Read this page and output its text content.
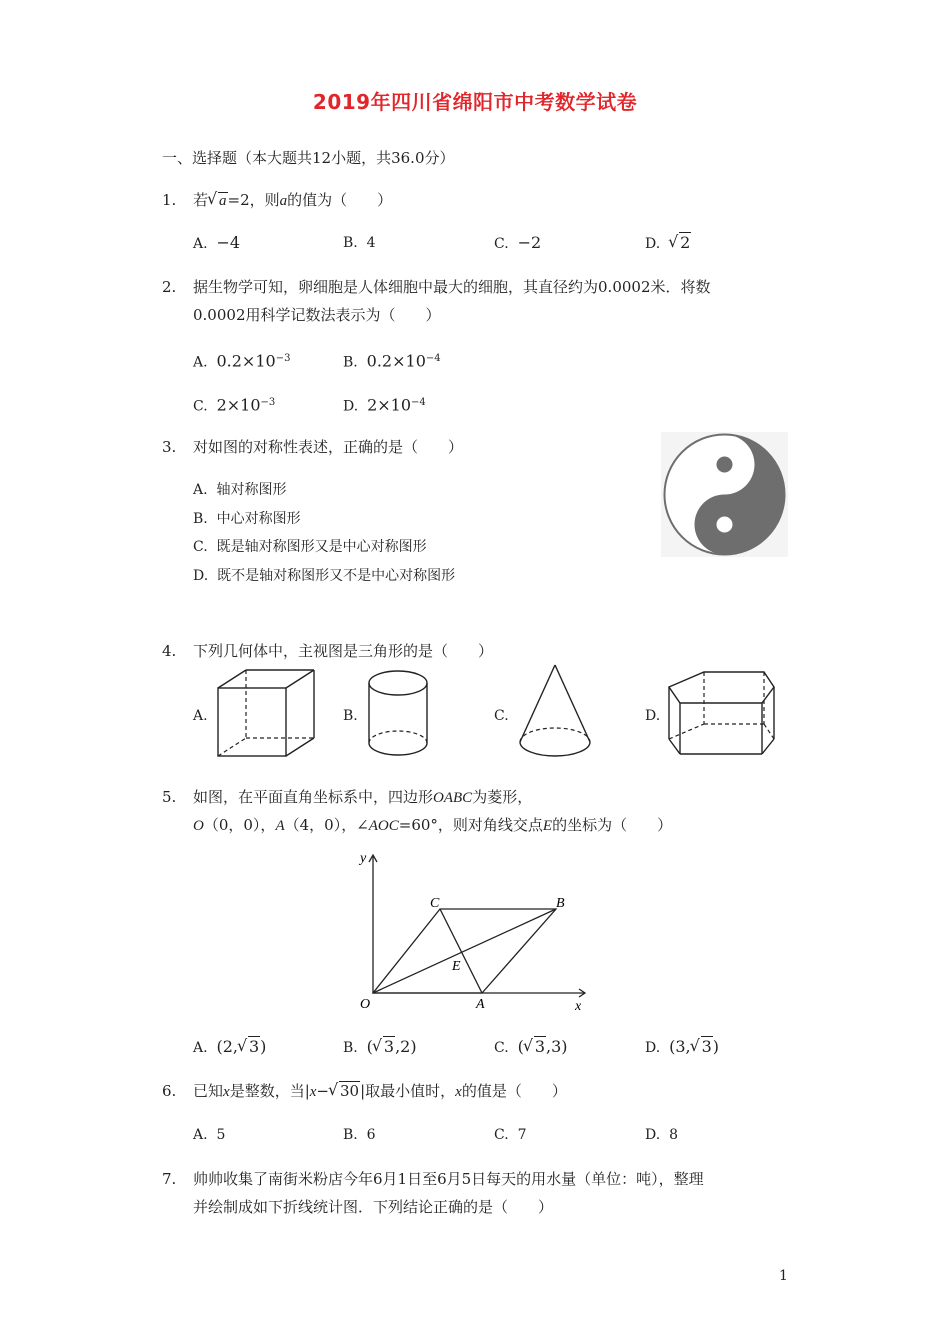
2019年四川省绵阳市中考数学试卷
一、选择题（本大题共12小题，共36.0分）
1. 若 √ a=2，则a的值为（　　）
A. −4	B. 4	C. −2	D. √ 2
2. 据生物学可知，卵细胞是人体细胞中最大的细胞，其直径约为0.0002米．将数
0.0002用科学记数法表示为（　　）
A. $0.2\times 10^{-3}$	B. $0.2\times 10^{-4}$
C. $2\times 10^{-3}$	D. $2\times 10^{-4}$
3. 对如图的对称性表述，正确的是（　　）
A. 轴对称图形
B. 中心对称图形
C. 既是轴对称图形又是中心对称图形
D. 既不是轴对称图形又不是中心对称图形
4. 下列几何体中，主视图是三角形的是（　　）
A.	B.	C.	D.
5. 如图，在平面直角坐标系中，四边形OABC为菱形，
O（0，0），A（4，0），∠AOC=60°，则对角线交点E的坐标为（　　）
y
x
O	A
B
C
E
A. (2, √ 3)	B. ( √ 3,2)	C. ( √ 3,3)	D. (3, √ 3)
6. 已知x是整数，当|x− √ 30|取最小值时，x的值是（　　）
A. 5	B. 6	C. 7	D. 8
7. 帅帅收集了南街米粉店今年6月1日至6月5日每天的用水量（单位：吨），整理
并绘制成如下折线统计图．下列结论正确的是（　　）
1
